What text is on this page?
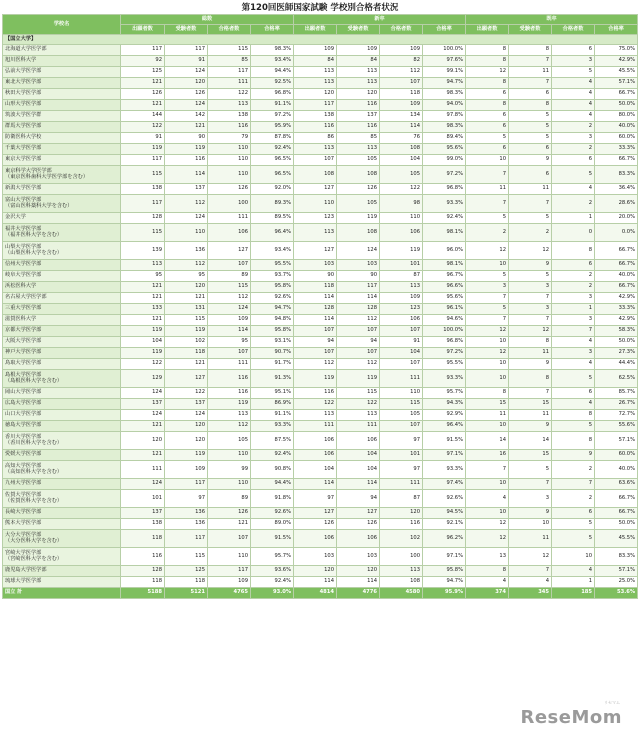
第120回医師国家試験 学校別合格者状況
学校名	総数				新卒				既卒			
	出願者数	受験者数	合格者数	合格率	出願者数	受験者数	合格者数	合格率	出願者数	受験者数	合格者数	合格率
【国立大学】												

北海道大学医学部	117	117	115	98.3%	109	109	109	100.0%	8	8	6	75.0%

旭川医科大学	92	91	85	93.4%	84	84	82	97.6%	8	7	3	42.9%

弘前大学医学部	125	124	117	94.4%	113	113	112	99.1%	12	11	5	45.5%

東北大学医学部	121	120	111	92.5%	113	113	107	94.7%	8	7	4	57.1%

秋田大学医学部	126	126	122	96.8%	120	120	118	98.3%	6	6	4	66.7%

山形大学医学部	121	124	113	91.1%	117	116	109	94.0%	8	8	4	50.0%

筑波大学医学群	144	142	138	97.2%	138	137	134	97.8%	6	5	4	80.0%

群馬大学医学部	122	121	116	95.9%	116	116	114	98.3%	6	5	2	40.0%

防衛医科大学校	91	90	79	87.8%	86	85	76	89.4%	5	5	3	60.0%

千葉大学医学部	119	119	110	92.4%	113	113	108	95.6%	6	6	2	33.3%

東京大学医学部	117	116	110	96.5%	107	105	104	99.0%	10	9	6	66.7%

東京科学大学医学部
（東京医科歯科大学医学部を含む）	115	114	110	96.5%	108	108	105	97.2%	7	6	5	83.3%

新潟大学医学部	138	137	126	92.0%	127	126	122	96.8%	11	11	4	36.4%

富山大学医学部
（富山医科薬科大学を含む）	117	112	100	89.3%	110	105	98	93.3%	7	7	2	28.6%

金沢大学	128	124	111	89.5%	123	119	110	92.4%	5	5	1	20.0%

福井大学医学部
（福井医科大学を含む）	115	110	106	96.4%	113	108	106	98.1%	2	2	0	0.0%

山梨大学医学部
（山梨医科大学を含む）	139	136	127	93.4%	127	124	119	96.0%	12	12	8	66.7%

信州大学医学部	113	112	107	95.5%	103	103	101	98.1%	10	9	6	66.7%

岐阜大学医学部	95	95	89	93.7%	90	90	87	96.7%	5	5	2	40.0%

浜松医科大学	121	120	115	95.8%	118	117	113	96.6%	3	3	2	66.7%

名古屋大学医学部	121	121	112	92.6%	114	114	109	95.6%	7	7	3	42.9%

三重大学医学部	133	131	124	94.7%	128	128	123	96.1%	5	3	1	33.3%

滋賀医科大学	121	115	109	94.8%	114	112	106	94.6%	7	7	3	42.9%

京都大学医学部	119	119	114	95.8%	107	107	107	100.0%	12	12	7	58.3%

大阪大学医学部	104	102	95	93.1%	94	94	91	96.8%	10	8	4	50.0%

神戸大学医学部	119	118	107	90.7%	107	107	104	97.2%	12	11	3	27.3%

鳥取大学医学部	122	121	111	91.7%	112	112	107	95.5%	10	9	4	44.4%

島根大学医学部
（島根医科大学を含む）	129	127	116	91.3%	119	119	111	93.3%	10	8	5	62.5%

岡山大学医学部	124	122	116	95.1%	116	115	110	95.7%	8	7	6	85.7%

広島大学医学部	137	137	119	86.9%	122	122	115	94.3%	15	15	4	26.7%

山口大学医学部	124	124	113	91.1%	113	113	105	92.9%	11	11	8	72.7%

徳島大学医学部	121	120	112	93.3%	111	111	107	96.4%	10	9	5	55.6%

香川大学医学部
（香川医科大学を含む）	120	120	105	87.5%	106	106	97	91.5%	14	14	8	57.1%

愛媛大学医学部	121	119	110	92.4%	106	104	101	97.1%	16	15	9	60.0%

高知大学医学部
（高知医科大学を含む）	111	109	99	90.8%	104	104	97	93.3%	7	5	2	40.0%

九州大学医学部	124	117	110	94.4%	114	114	111	97.4%	10	7	7	63.6%

佐賀大学医学部
（佐賀医科大学を含む）	101	97	89	91.8%	97	94	87	92.6%	4	3	2	66.7%

長崎大学医学部	137	136	126	92.6%	127	127	120	94.5%	10	9	6	66.7%

熊本大学医学部	138	136	121	89.0%	126	126	116	92.1%	12	10	5	50.0%

大分大学医学部
（大分医科大学を含む）	118	117	107	91.5%	106	106	102	96.2%	12	11	5	45.5%

宮崎大学医学部
（宮崎医科大学を含む）	116	115	110	95.7%	103	103	100	97.1%	13	12	10	83.3%

鹿児島大学医学部	128	125	117	93.6%	120	120	113	95.8%	8	7	4	57.1%

琉球大学医学部	118	118	109	92.4%	114	114	108	94.7%	4	4	1	25.0%
国立 計	5188	5121	4765	93.0%	4814	4776	4580	95.9%	374	345	185	53.6%
リセマム
ReseMom
